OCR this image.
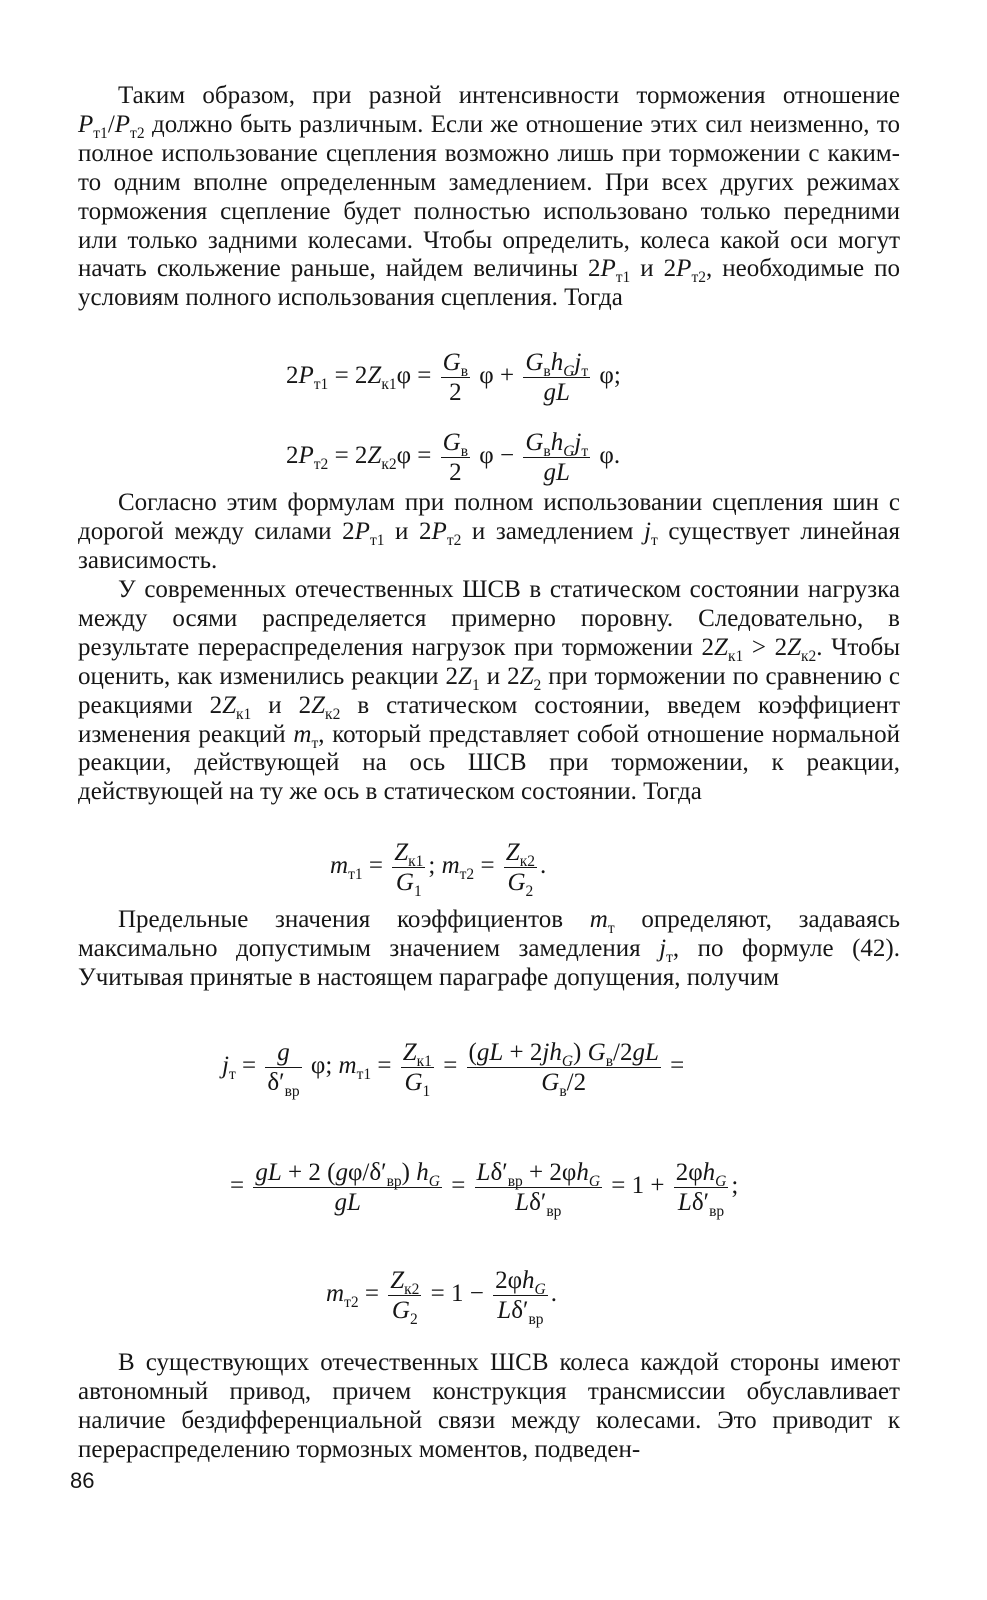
Таким образом, при разной интенсивности торможения отношение $P_{т1}/P_{т2}$ должно быть различным. Если же отношение этих сил неизменно, то полное использование сцепления возможно лишь при торможении с каким-то одним вполне определенным замедлением. При всех других режимах торможения сцепление будет полностью использовано только передними или только задними колесами. Чтобы определить, колеса какой оси могут начать скольжение раньше, найдем величины $2P_{т1}$ и $2P_{т2}$, необходимые по условиям полного использования сцепления. Тогда

$2P_{т1} = 2Z_{к1}\varphi = \frac{G_в}{2}$ $\varphi + \frac{G_вh_Gj_т}{gL} \varphi$;
$2P_{т2} = 2Z_{к2}\varphi = \frac{G_в}{2}$ $\varphi - \frac{G_вh_Gj_т}{gL} \varphi$.

Согласно этим формулам при полном использовании сцепления шин с дорогой между силами $2P_{т1}$ и $2P_{т2}$ и замедлением $j_т$ существует линейная зависимость.

У современных отечественных ШСВ в статическом состоянии нагрузка между осями распределяется примерно поровну. Следовательно, в результате перераспределения нагрузок при торможении $2Z_{к1} > 2Z_{к2}$. Чтобы оценить, как изменились реакции $2Z_1$ и $2Z_2$ при торможении по сравнению с реакциями $2Z_{к1}$ и $2Z_{к2}$ в статическом состоянии, введем коэффициент изменения реакций $m_т$, который представляет собой отношение нормальной реакции, действующей на ось ШСВ при торможении, к реакции, действующей на ту же ось в статическом состоянии. Тогда

$m_{т1} = \frac{Z_{к1}}{G_1}$ ; $m_{т2} = \frac{Z_{к2}}{G_2}$ .

Предельные значения коэффициентов $m_т$ определяют, задаваясь максимально допустимым значением замедления $j_т$, по формуле (42). Учитывая принятые в настоящем параграфе допущения, получим

$j_т = \frac{g}{\delta'_{вр}} \varphi$; $m_{т1} = \frac{Z_{к1}}{G_1} = \frac{(gL + 2jh_G) G_в/2gL}{G_в/2}$ =
= $\frac{gL + 2 (g\varphi/\delta'_{вр}) h_G}{gL} = \frac{L\delta'_{вр} + 2\varphi h_G}{L\delta'_{вр}} = 1 + \frac{2\varphi h_G}{L\delta'_{вр}}$ ;
$m_{т2} = \frac{Z_{к2}}{G_2} = 1 - \frac{2\varphi h_G}{L\delta'_{вр}}$ .

В существующих отечественных ШСВ колеса каждой стороны имеют автономный привод, причем конструкция трансмиссии обуславливает наличие бездифференциальной связи между колесами. Это приводит к перераспределению тормозных моментов, подведен-

86
